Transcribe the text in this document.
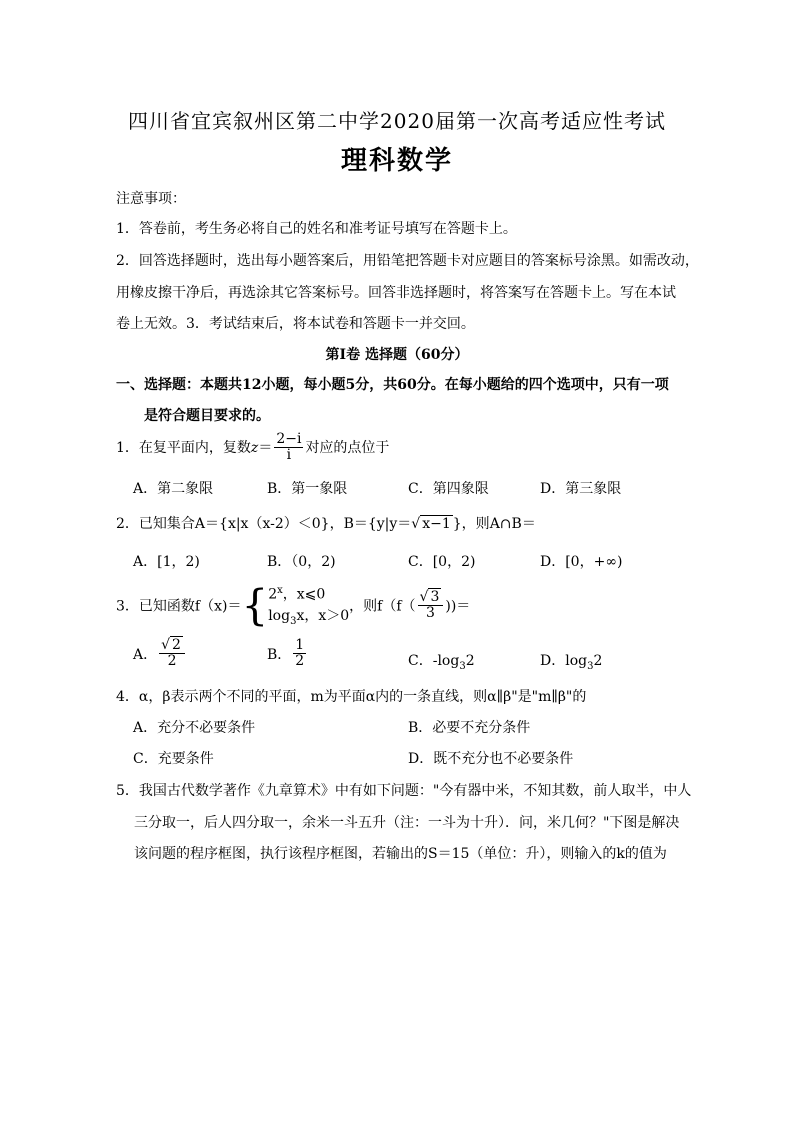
四川省宜宾叙州区第二中学2020届第一次高考适应性考试
理科数学
注意事项：
1．答卷前，考生务必将自己的姓名和准考证号填写在答题卡上。
2．回答选择题时，选出每小题答案后，用铅笔把答题卡对应题目的答案标号涂黑。如需改动，
用橡皮擦干净后，再选涂其它答案标号。回答非选择题时，将答案写在答题卡上。写在本试
卷上无效。3．考试结束后，将本试卷和答题卡一并交回。
第Ⅰ卷 选择题（60分）
一、选择题：本题共12小题，每小题5分，共60分。在每小题给的四个选项中，只有一项
是符合题目要求的。
1．在复平面内，复数$z= \frac{2-i}{i}$ 对应的点位于
A．第二象限	B．第一象限	C．第四象限	D．第三象限
2．已知集合A＝{x|x（x-2）＜0}，B＝{y|y＝√ x−1 }，则A∩B＝
A．[1，2)	B．（0，2)	C．[0，2)	D．[0，+∞)
3．已知函数f（x)＝{ 2$^x$，x⩽0
$\log_3x$，x＞0
，则$f(f( \frac{√ 3}{3}$ ))＝
A． $\frac{√ 2}{2}$	B． $\frac{1}{2}$	C．$-\log_32$	D．$\log_32$
4．α，β表示两个不同的平面，m为平面α内的一条直线，则α∥β"是"m∥β"的
A．充分不必要条件	B．必要不充分条件
C．充要条件	D．既不充分也不必要条件
5．我国古代数学著作《九章算术》中有如下问题："今有器中米，不知其数，前人取半，中人
三分取一，后人四分取一，余米一斗五升（注：一斗为十升）．问，米几何？"下图是解决
该问题的程序框图，执行该程序框图，若输出的S＝15（单位：升），则输入的k的值为
